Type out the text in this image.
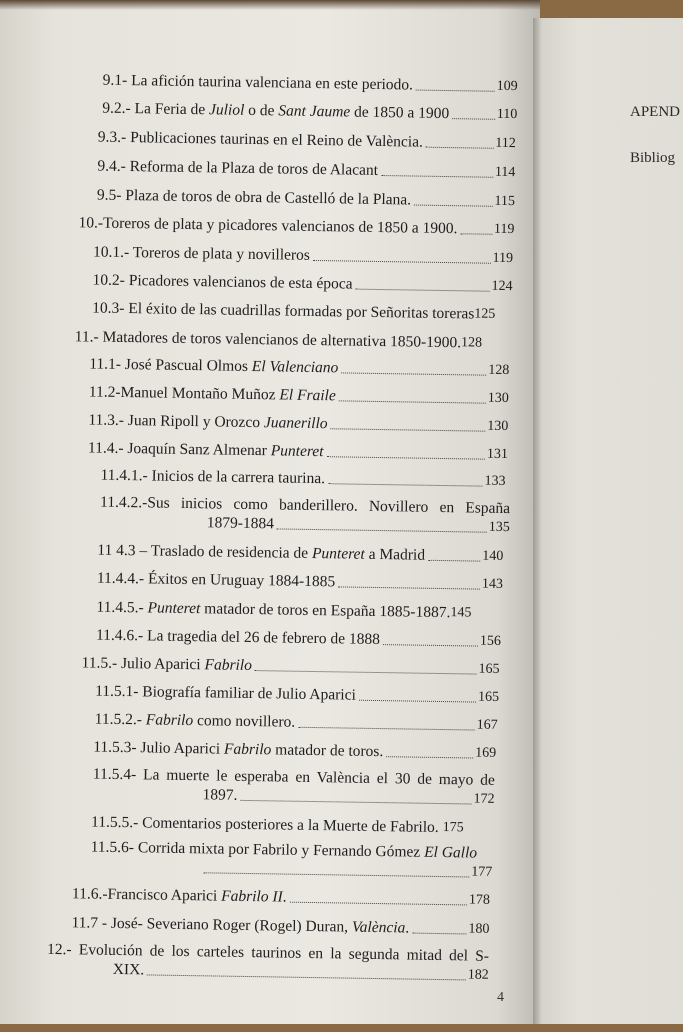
9.1- La afición taurina valenciana en este periodo.	109
9.2.- La Feria de Juliol o de Sant Jaume de 1850 a 1900	110
9.3.- Publicaciones taurinas en el Reino de València.	112
9.4.- Reforma de la Plaza de toros de Alacant	114
9.5- Plaza de toros de obra de Castelló de la Plana.	115
10.-Toreros de plata y picadores valencianos de 1850 a 1900.	119
10.1.- Toreros de plata y novilleros	119
10.2- Picadores valencianos de esta época	124
10.3- El éxito de las cuadrillas formadas por Señoritas toreras 125
11.- Matadores de toros valencianos de alternativa 1850-1900. 128
11.1- José Pascual Olmos El Valenciano	128
11.2-Manuel Montaño Muñoz El Fraile	130
11.3.- Juan Ripoll y Orozco Juanerillo	130
11.4.- Joaquín Sanz Almenar Punteret	131
11.4.1.- Inicios de la carrera taurina.	133
11.4.2.-Sus inicios como banderillero. Novillero en España
1879-1884	135
11 4.3 – Traslado de residencia de Punteret a Madrid	140
11.4.4.- Éxitos en Uruguay 1884-1885	143
11.4.5.- Punteret matador de toros en España 1885-1887. 145
11.4.6.- La tragedia del 26 de febrero de 1888	156
11.5.- Julio Aparici Fabrilo	165
11.5.1- Biografía familiar de Julio Aparici	165
11.5.2.- Fabrilo como novillero.	167
11.5.3- Julio Aparici Fabrilo matador de toros.	169
11.5.4- La muerte le esperaba en València el 30 de mayo de
1897.	172
11.5.5.- Comentarios posteriores a la Muerte de Fabrilo. 175
11.5.6- Corrida mixta por Fabrilo y Fernando Gómez El Gallo
177
11.6.-Francisco Aparici Fabrilo II.	178
11.7 - José- Severiano Roger (Rogel) Duran, València.	180
12.- Evolución de los carteles taurinos en la segunda mitad del S-
XIX.	182
APEND
Bibliog
4
